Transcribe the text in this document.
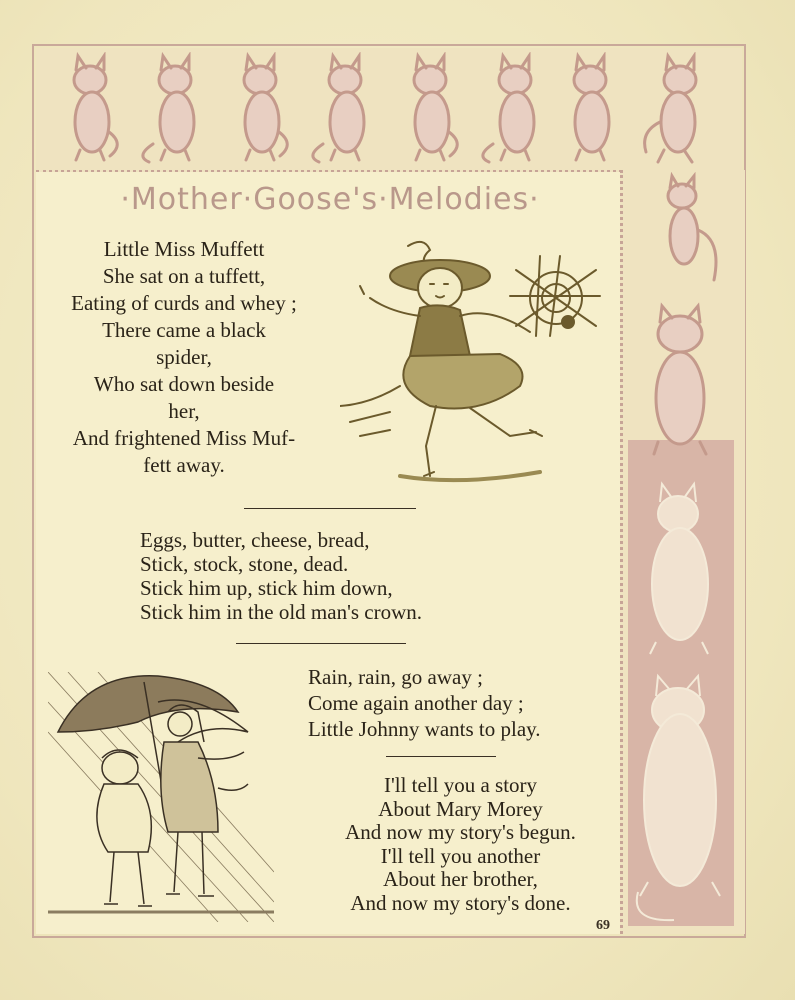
·Mother·Goose's·Melodies·
Little Miss Muffett
She sat on a tuffett,
Eating of curds and whey ;
There came a black
spider,
Who sat down beside
her,
And frightened Miss Muf-
fett away.
Eggs, butter, cheese, bread,
Stick, stock, stone, dead.
Stick him up, stick him down,
Stick him in the old man's crown.
Rain, rain, go away ;
Come again another day ;
Little Johnny wants to play.
I'll tell you a story
About Mary Morey
And now my story's begun.
I'll tell you another
About her brother,
And now my story's done.
69
